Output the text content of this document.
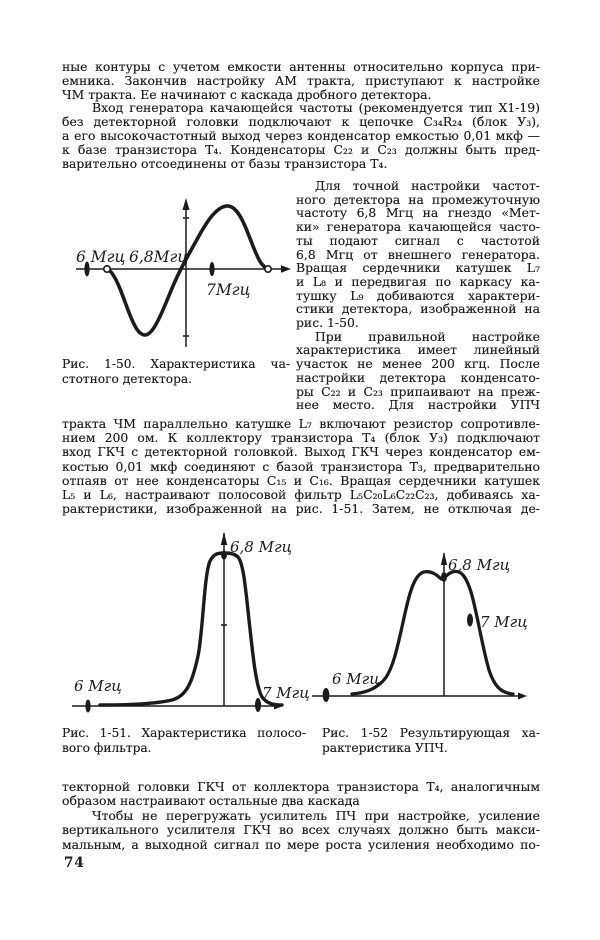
ные контуры с учетом емкости антенны относительно корпуса при-
емника. Закончив настройку АМ тракта, приступают к настройке
ЧМ тракта. Ее начинают с каскада дробного детектора.
Вход генератора качающейся частоты (рекомендуется тип X1-19)
без детекторной головки подключают к цепочке С₃₄R₂₄ (блок У₃),
а его высокочастотный выход через конденсатор емкостью 0,01 мкф —
к базе транзистора Т₄. Конденсаторы С₂₂ и С₂₃ должны быть пред-
варительно отсоединены от базы транзистора Т₄.
6 Мгц 6,8Мгц
7Мгц
Рис. 1-50. Характеристика ча-
стотного детектора.
Для точной настройки частот-
ного детектора на промежуточную
частоту 6,8 Мгц на гнездо «Мет-
ки» генератора качающейся часто-
ты подают сигнал с частотой
6,8 Мгц от внешнего генератора.
Вращая сердечники катушек L₇
и L₈ и передвигая по каркасу ка-
тушку L₉ добиваются характери-
стики детектора, изображенной на
рис. 1-50.
При правильной настройке
характеристика имеет линейный
участок не менее 200 кгц. После
настройки детектора конденсато-
ры С₂₂ и С₂₃ припаивают на преж-
нее место. Для настройки УПЧ
тракта ЧМ параллельно катушке L₇ включают резистор сопротивле-
нием 200 ом. К коллектору транзистора Т₄ (блок У₃) подключают
вход ГКЧ с детекторной головкой. Выход ГКЧ через конденсатор ем-
костью 0,01 мкф соединяют с базой транзистора Т₃, предварительно
отпаяв от нее конденсаторы С₁₅ и С₁₆. Вращая сердечники катушек
L₅ и L₆, настраивают полосовой фильтр L₅C₂₀L₆C₂₂C₂₃, добиваясь ха-
рактеристики, изображенной на рис. 1-51. Затем, не отключая де-
6,8 Мгц
6 Мгц	7 Мгц
6,8 Мгц
7 Мгц
6 Мгц
Рис. 1-51. Характеристика полосо-
вого фильтра.
Рис. 1-52 Результирующая ха-
рактеристика УПЧ.
текторной головки ГКЧ от коллектора транзистора Т₄, аналогичным
образом настраивают остальные два каскада
Чтобы не перегружать усилитель ПЧ при настройке, усиление
вертикального усилителя ГКЧ во всех случаях должно быть макси-
мальным, а выходной сигнал по мере роста усиления необходимо по-
74
